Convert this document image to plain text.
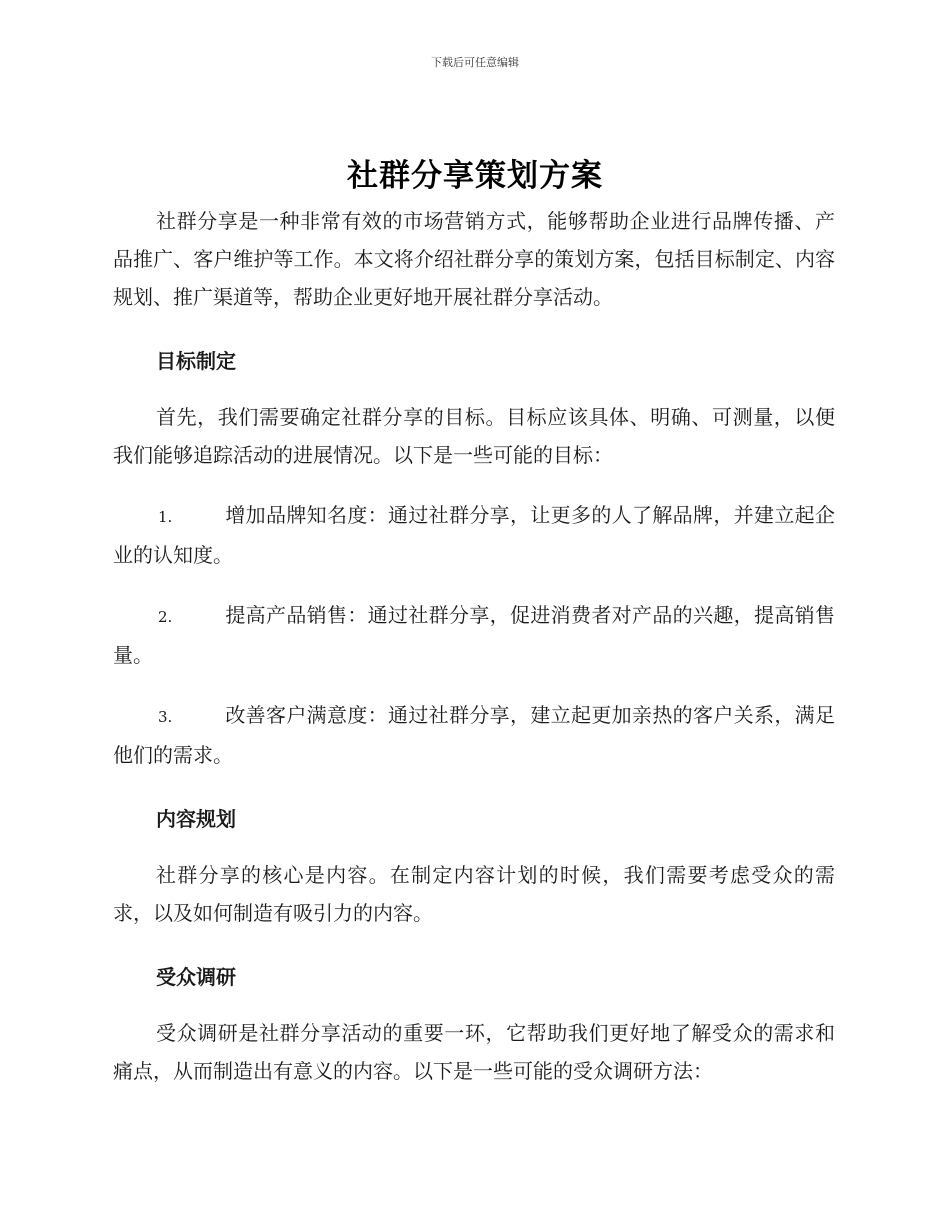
下载后可任意编辑
社群分享策划方案

社群分享是一种非常有效的市场营销方式，能够帮助企业进行品牌传播、产品推广、客户维护等工作。本文将介绍社群分享的策划方案，包括目标制定、内容规划、推广渠道等，帮助企业更好地开展社群分享活动。

目标制定

首先，我们需要确定社群分享的目标。目标应该具体、明确、可测量，以便我们能够追踪活动的进展情况。以下是一些可能的目标：

1.	增加品牌知名度：通过社群分享，让更多的人了解品牌，并建立起企业的认知度。

2.	提高产品销售：通过社群分享，促进消费者对产品的兴趣，提高销售量。

3.	改善客户满意度：通过社群分享，建立起更加亲热的客户关系，满足他们的需求。

内容规划

社群分享的核心是内容。在制定内容计划的时候，我们需要考虑受众的需求，以及如何制造有吸引力的内容。

受众调研

受众调研是社群分享活动的重要一环，它帮助我们更好地了解受众的需求和痛点，从而制造出有意义的内容。以下是一些可能的受众调研方法：
